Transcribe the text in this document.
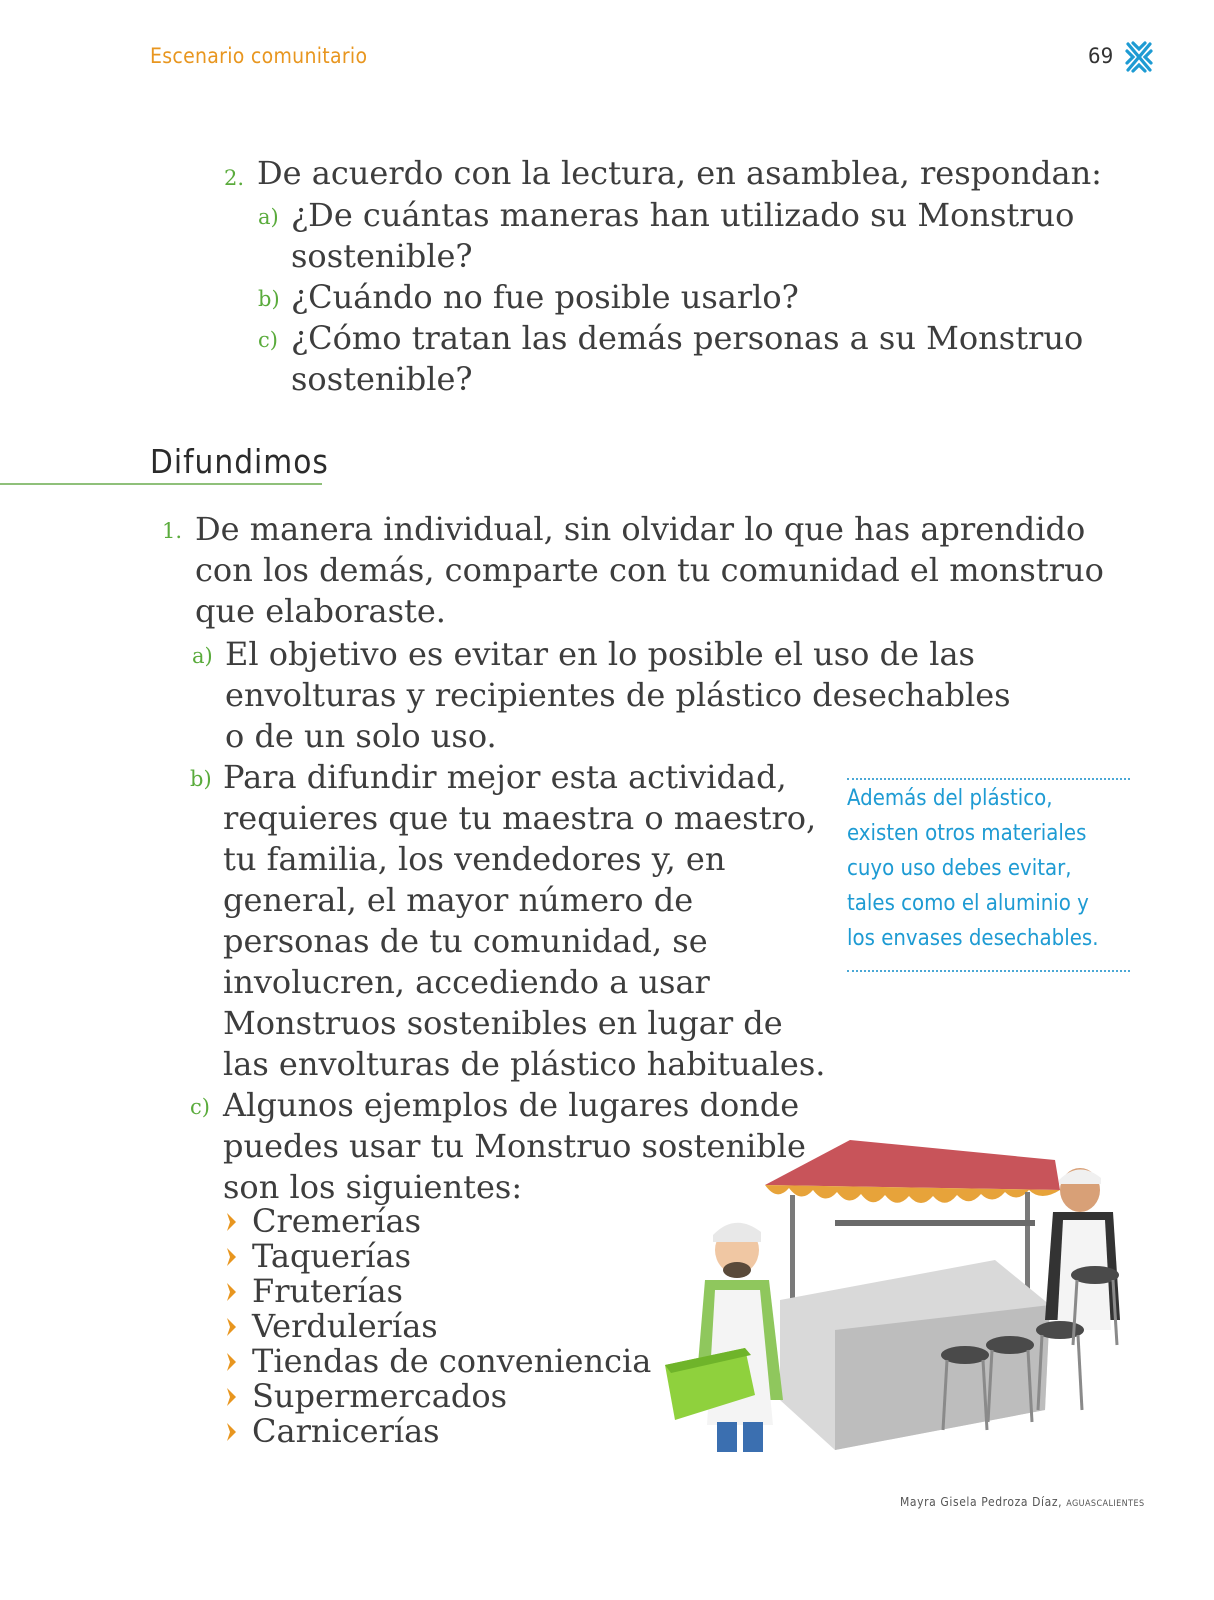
Escenario comunitario	69
2. De acuerdo con la lectura, en asamblea, respondan:
a) ¿De cuántas maneras han utilizado su Monstruo
sostenible?
b) ¿Cuándo no fue posible usarlo?
c) ¿Cómo tratan las demás personas a su Monstruo
sostenible?
Difundimos
1. De manera individual, sin olvidar lo que has aprendido
con los demás, comparte con tu comunidad el monstruo
que elaboraste.
a) El objetivo es evitar en lo posible el uso de las
envolturas y recipientes de plástico desechables
o de un solo uso.
b) Para difundir mejor esta actividad,
requieres que tu maestra o maestro,
tu familia, los vendedores y, en
general, el mayor número de
personas de tu comunidad, se
involucren, accediendo a usar
Monstruos sostenibles en lugar de
las envolturas de plástico habituales.
c) Algunos ejemplos de lugares donde
puedes usar tu Monstruo sostenible
son los siguientes:
Cremerías
Taquerías
Fruterías
Verdulerías
Tiendas de conveniencia
Supermercados
Carnicerías
Además del plástico,
existen otros materiales
cuyo uso debes evitar,
tales como el aluminio y
los envases desechables.
Mayra Gisela Pedroza Díaz, AGUASCALIENTES
